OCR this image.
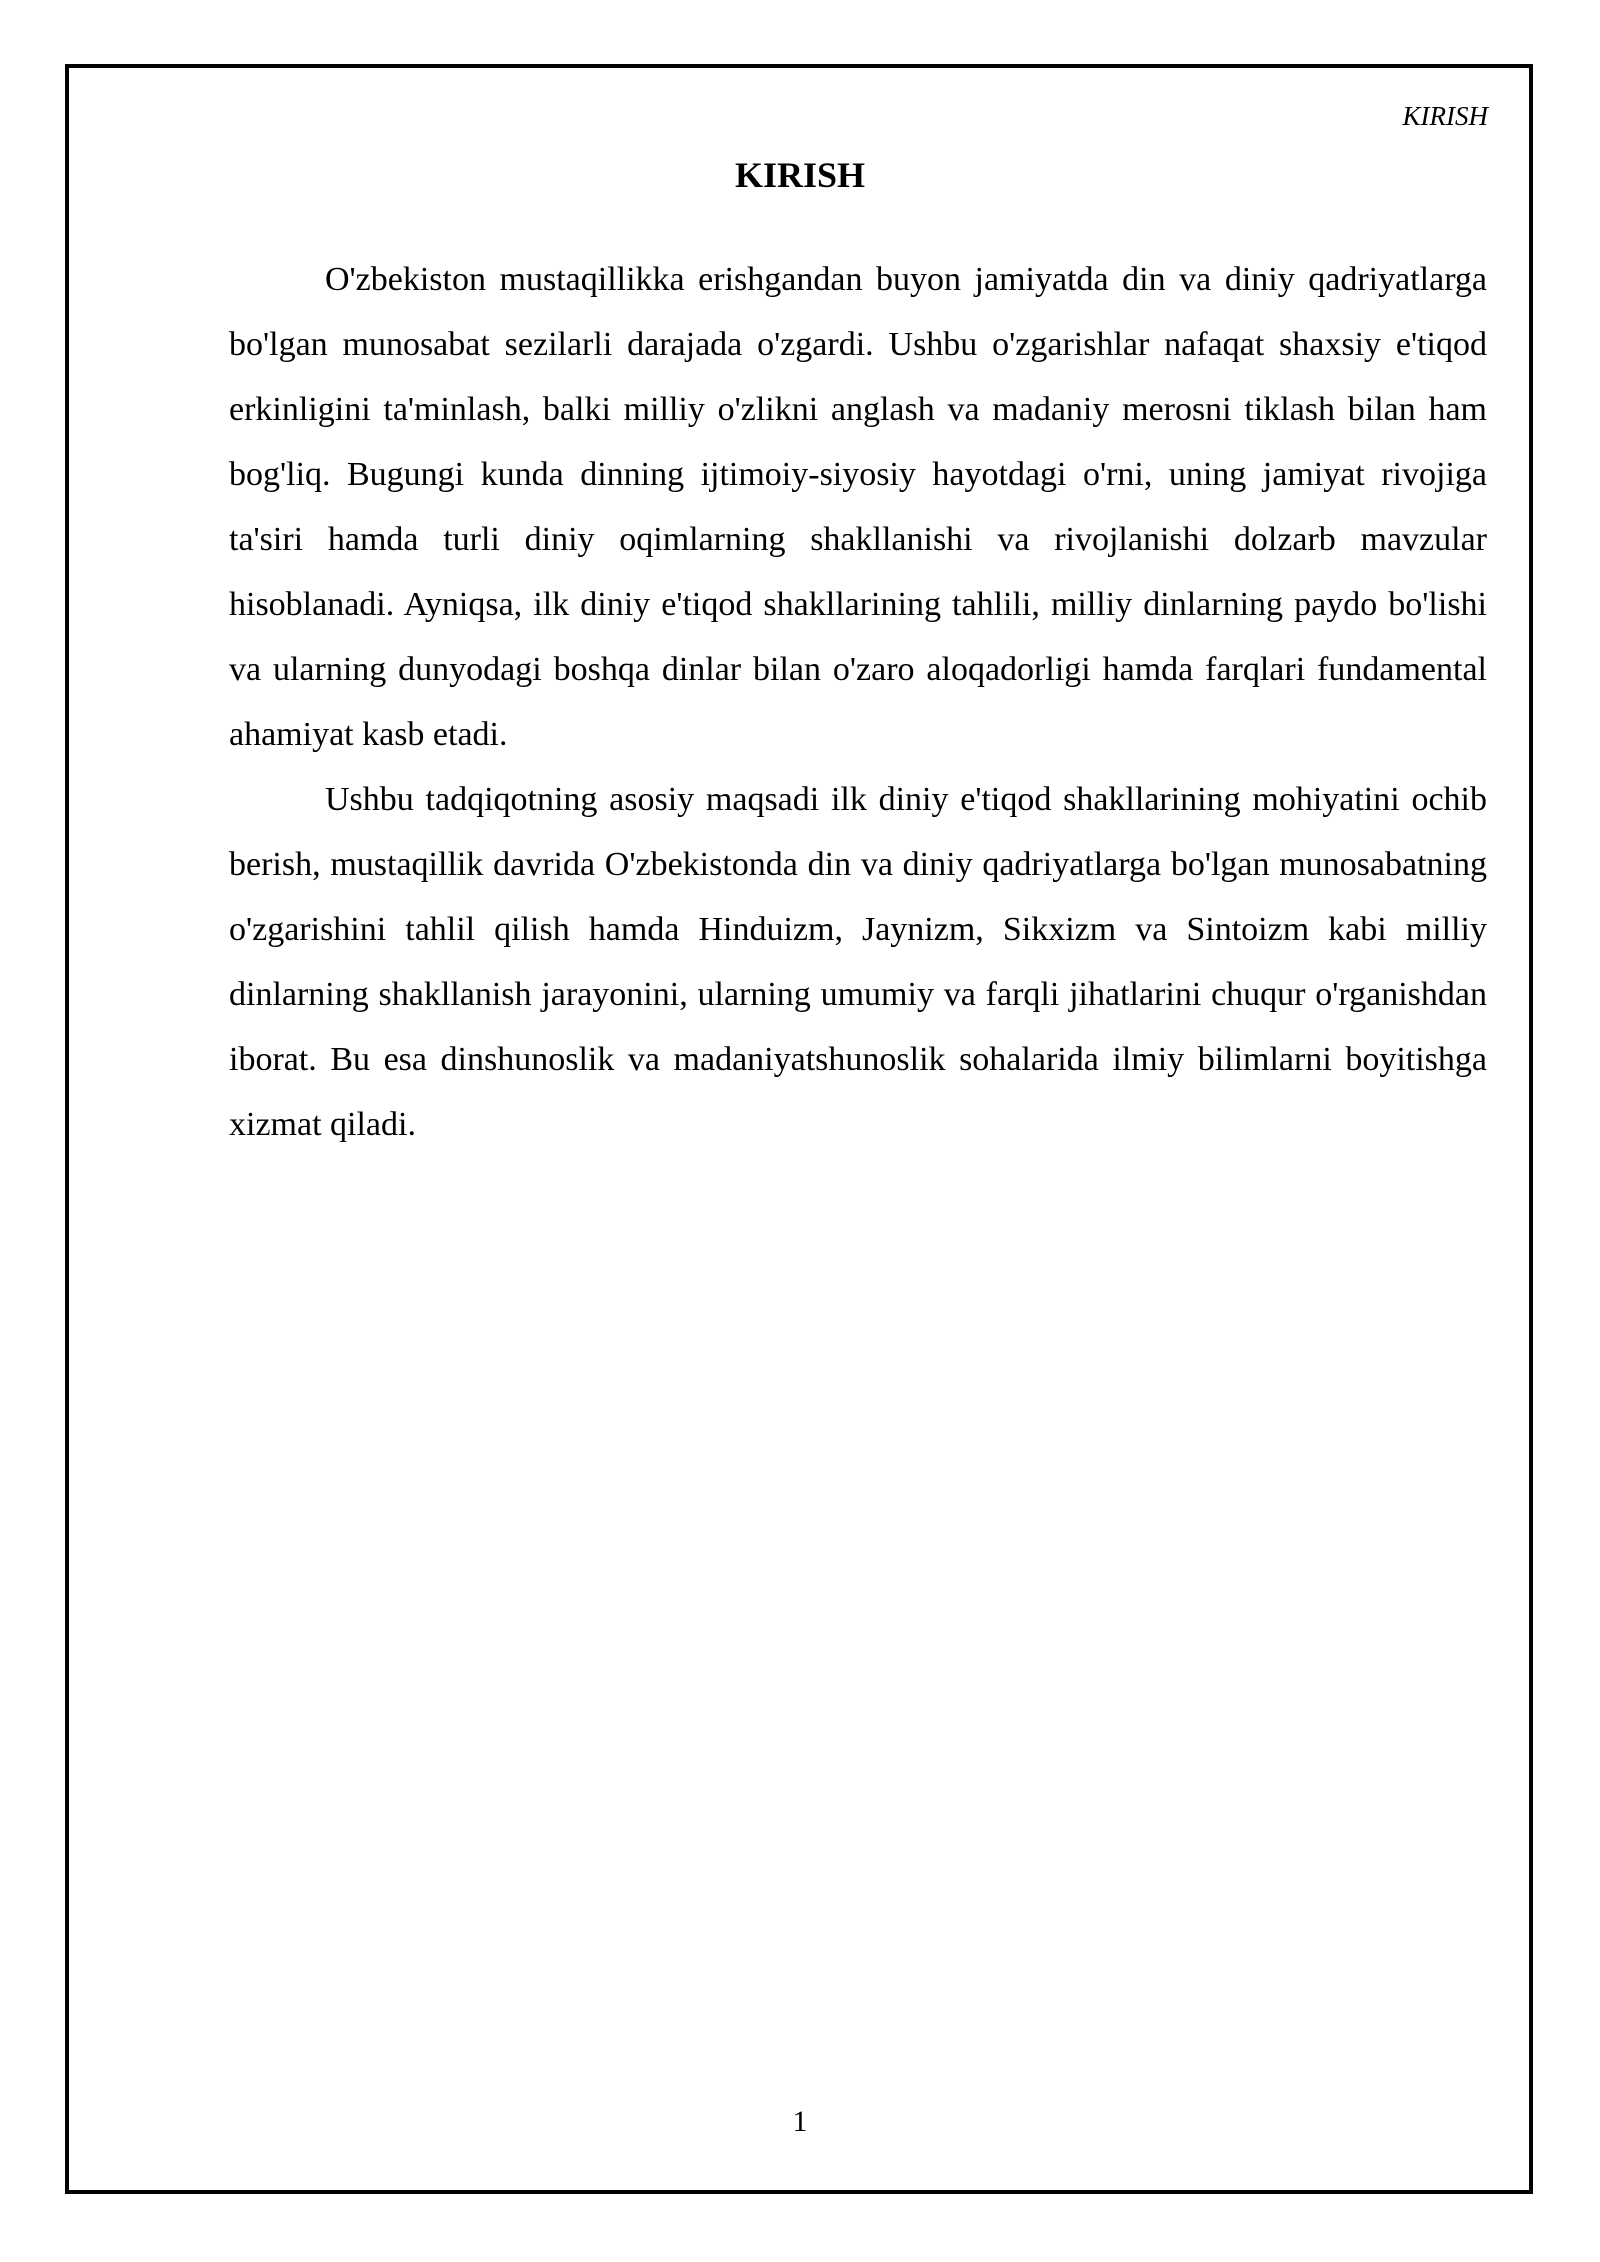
KIRISH
KIRISH

O'zbekiston mustaqillikka erishgandan buyon jamiyatda din va diniy qadriyatlarga bo'lgan munosabat sezilarli darajada o'zgardi. Ushbu o'zgarishlar nafaqat shaxsiy e'tiqod erkinligini ta'minlash, balki milliy o'zlikni anglash va madaniy merosni tiklash bilan ham bog'liq. Bugungi kunda dinning ijtimoiy-siyosiy hayotdagi o'rni, uning jamiyat rivojiga ta'siri hamda turli diniy oqimlarning shakllanishi va rivojlanishi dolzarb mavzular hisoblanadi. Ayniqsa, ilk diniy e'tiqod shakllarining tahlili, milliy dinlarning paydo bo'lishi va ularning dunyodagi boshqa dinlar bilan o'zaro aloqadorligi hamda farqlari fundamental ahamiyat kasb etadi.

Ushbu tadqiqotning asosiy maqsadi ilk diniy e'tiqod shakllarining mohiyatini ochib berish, mustaqillik davrida O'zbekistonda din va diniy qadriyatlarga bo'lgan munosabatning o'zgarishini tahlil qilish hamda Hinduizm, Jaynizm, Sikxizm va Sintoizm kabi milliy dinlarning shakllanish jarayonini, ularning umumiy va farqli jihatlarini chuqur o'rganishdan iborat. Bu esa dinshunoslik va madaniyatshunoslik sohalarida ilmiy bilimlarni boyitishga xizmat qiladi.

1
